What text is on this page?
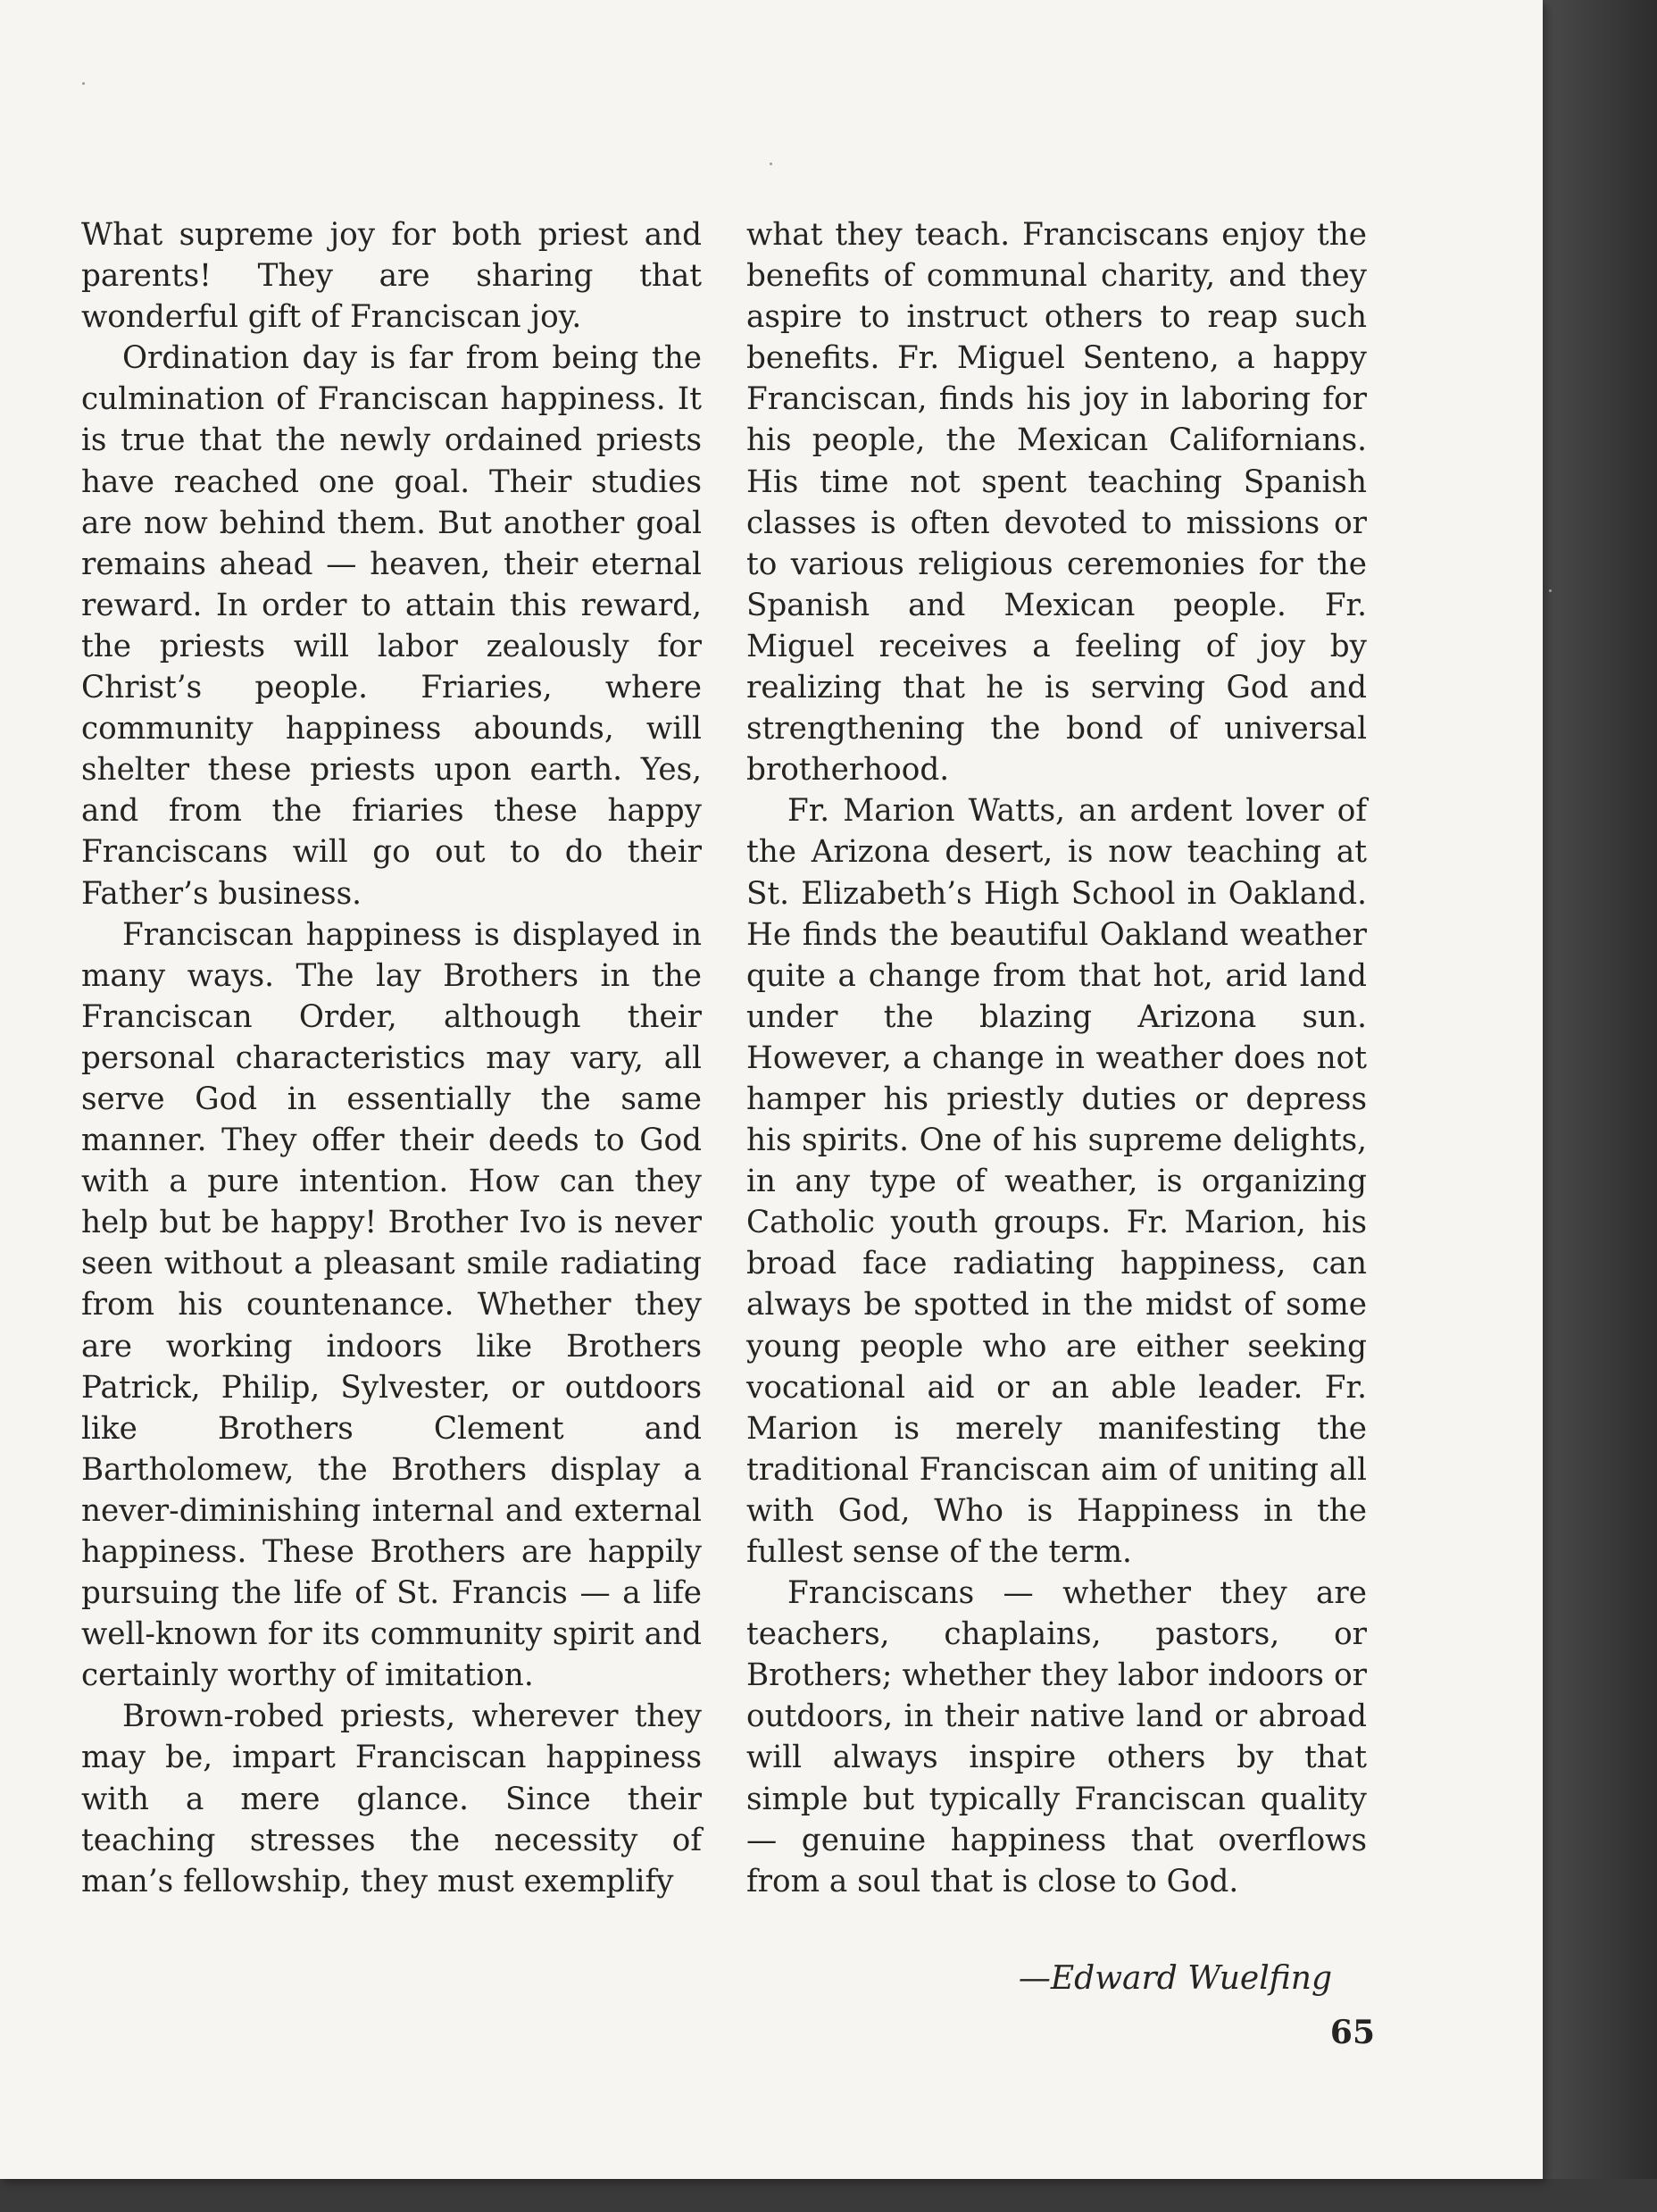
What supreme joy for both priest and parents! They are sharing that wonderful gift of Franciscan joy.

Ordination day is far from being the culmination of Franciscan happiness. It is true that the newly ordained priests have reached one goal. Their studies are now behind them. But another goal remains ahead — heaven, their eternal reward. In order to attain this reward, the priests will labor zealously for Christ’s people. Friaries, where community happiness abounds, will shelter these priests upon earth. Yes, and from the friaries these happy Franciscans will go out to do their Father’s business.

Franciscan happiness is displayed in many ways. The lay Brothers in the Franciscan Order, although their personal characteristics may vary, all serve God in essentially the same manner. They offer their deeds to God with a pure intention. How can they help but be happy! Brother Ivo is never seen without a pleasant smile radiating from his countenance. Whether they are working indoors like Brothers Patrick, Philip, Sylvester, or outdoors like Brothers Clement and Bartholomew, the Brothers display a never-diminishing internal and external happiness. These Brothers are happily pursuing the life of St. Francis — a life well-known for its community spirit and certainly worthy of imitation.

Brown-robed priests, wherever they may be, impart Franciscan happiness with a mere glance. Since their teaching stresses the necessity of man’s fellowship, they must exemplify

what they teach. Franciscans enjoy the benefits of communal charity, and they aspire to instruct others to reap such benefits. Fr. Miguel Senteno, a happy Franciscan, finds his joy in laboring for his people, the Mexican Californians. His time not spent teaching Spanish classes is often devoted to missions or to various religious ceremonies for the Spanish and Mexican people. Fr. Miguel receives a feeling of joy by realizing that he is serving God and strengthening the bond of universal brotherhood.

Fr. Marion Watts, an ardent lover of the Arizona desert, is now teaching at St. Elizabeth’s High School in Oakland. He finds the beautiful Oakland weather quite a change from that hot, arid land under the blazing Arizona sun. However, a change in weather does not hamper his priestly duties or depress his spirits. One of his supreme delights, in any type of weather, is organizing Catholic youth groups. Fr. Marion, his broad face radiating happiness, can always be spotted in the midst of some young people who are either seeking vocational aid or an able leader. Fr. Marion is merely manifesting the traditional Franciscan aim of uniting all with God, Who is Happiness in the fullest sense of the term.

Franciscans — whether they are teachers, chaplains, pastors, or Brothers; whether they labor indoors or outdoors, in their native land or abroad will always inspire others by that simple but typically Franciscan quality — genuine happiness that overflows from a soul that is close to God.

—Edward Wuelfing
65
